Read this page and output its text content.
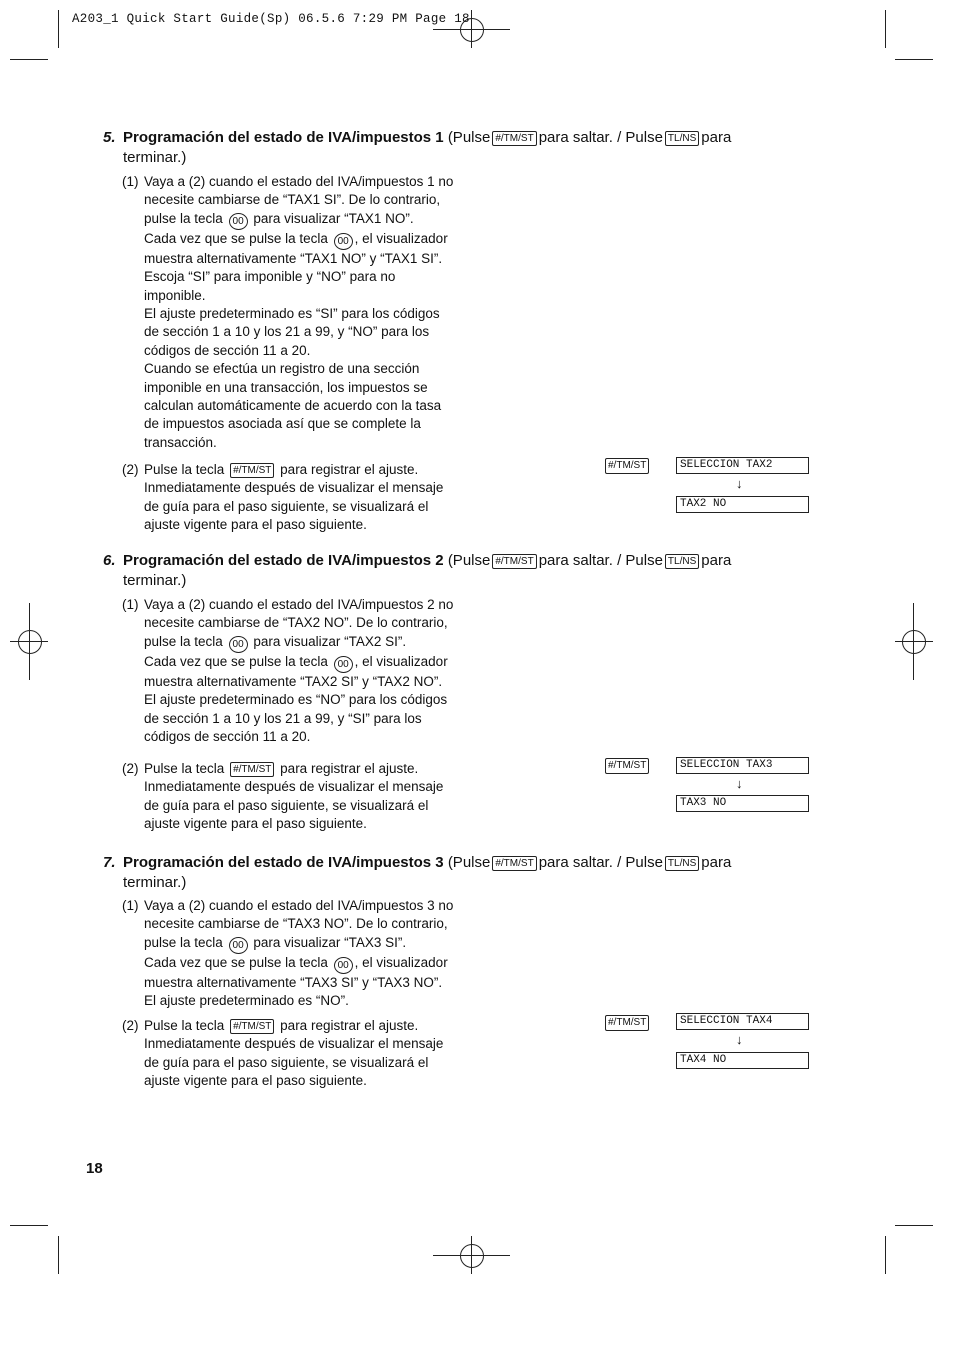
A203_1 Quick Start Guide(Sp) 06.5.6 7:29 PM Page 18
5. Programación del estado de IVA/impuestos 1 (Pulse #/TM/ST para saltar. / Pulse TL/NS para
terminar.)
(1) Vaya a (2) cuando el estado del IVA/impuestos 1 no
necesite cambiarse de “TAX1 SI”. De lo contrario,
pulse la tecla 00 para visualizar “TAX1 NO”.
Cada vez que se pulse la tecla 00 , el visualizador
muestra alternativamente “TAX1 NO” y “TAX1 SI”.
Escoja “SI” para imponible y “NO” para no
imponible.
El ajuste predeterminado es “SI” para los códigos
de sección 1 a 10 y los 21 a 99, y “NO” para los
códigos de sección 11 a 20.
Cuando se efectúa un registro de una sección
imponible en una transacción, los impuestos se
calculan automáticamente de acuerdo con la tasa
de impuestos asociada así que se complete la
transacción.
(2) Pulse la tecla #/TM/ST para registrar el ajuste.
Inmediatamente después de visualizar el mensaje
de guía para el paso siguiente, se visualizará el
ajuste vigente para el paso siguiente.
#/TM/ST	SELECCION TAX2
↓
TAX2 NO
6. Programación del estado de IVA/impuestos 2 (Pulse #/TM/ST para saltar. / Pulse TL/NS para
terminar.)
(1) Vaya a (2) cuando el estado del IVA/impuestos 2 no
necesite cambiarse de “TAX2 NO”. De lo contrario,
pulse la tecla 00 para visualizar “TAX2 SI”.
Cada vez que se pulse la tecla 00 , el visualizador
muestra alternativamente “TAX2 SI” y “TAX2 NO”.
El ajuste predeterminado es “NO” para los códigos
de sección 1 a 10 y los 21 a 99, y “SI” para los
códigos de sección 11 a 20.
(2) Pulse la tecla #/TM/ST para registrar el ajuste.
Inmediatamente después de visualizar el mensaje
de guía para el paso siguiente, se visualizará el
ajuste vigente para el paso siguiente.
#/TM/ST	SELECCION TAX3
↓
TAX3 NO
7. Programación del estado de IVA/impuestos 3 (Pulse #/TM/ST para saltar. / Pulse TL/NS para
terminar.)
(1) Vaya a (2) cuando el estado del IVA/impuestos 3 no
necesite cambiarse de “TAX3 NO”. De lo contrario,
pulse la tecla 00 para visualizar “TAX3 SI”.
Cada vez que se pulse la tecla 00 , el visualizador
muestra alternativamente “TAX3 SI” y “TAX3 NO”.
El ajuste predeterminado es “NO”.
(2) Pulse la tecla #/TM/ST para registrar el ajuste.
Inmediatamente después de visualizar el mensaje
de guía para el paso siguiente, se visualizará el
ajuste vigente para el paso siguiente.
#/TM/ST	SELECCION TAX4
↓
TAX4 NO
18
